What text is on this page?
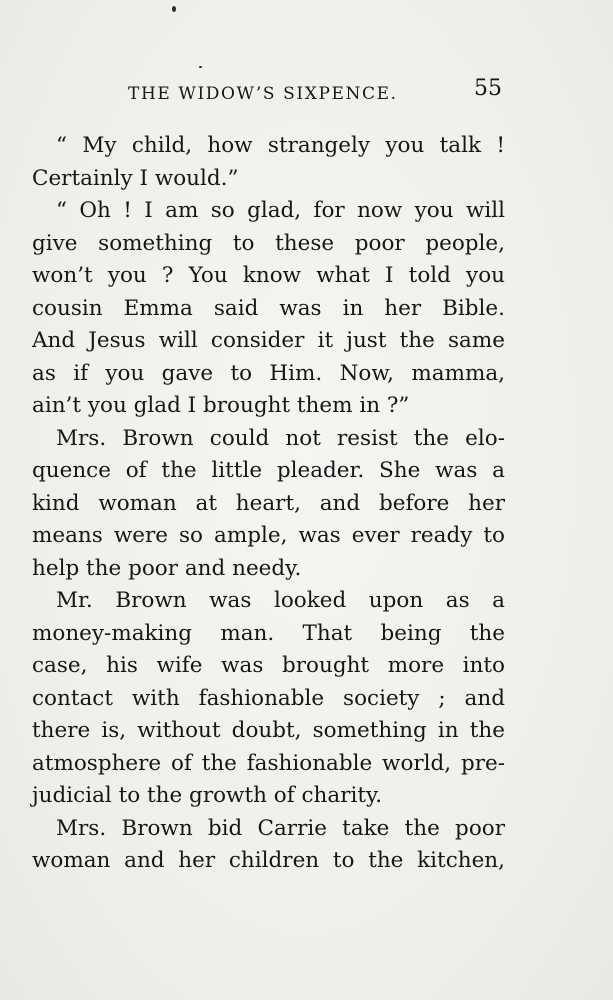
THE WIDOW’S SIXPENCE.	55
“ My child, how strangely you talk !
Certainly I would.”
“ Oh ! I am so glad, for now you will
give something to these poor people,
won’t you ? You know what I told you
cousin Emma said was in her Bible.
And Jesus will consider it just the same
as if you gave to Him. Now, mamma,
ain’t you glad I brought them in ?”
Mrs. Brown could not resist the elo-
quence of the little pleader. She was a
kind woman at heart, and before her
means were so ample, was ever ready to
help the poor and needy.
Mr. Brown was looked upon as a
money-making man. That being the
case, his wife was brought more into
contact with fashionable society ; and
there is, without doubt, something in the
atmosphere of the fashionable world, pre-
judicial to the growth of charity.
Mrs. Brown bid Carrie take the poor
woman and her children to the kitchen,
